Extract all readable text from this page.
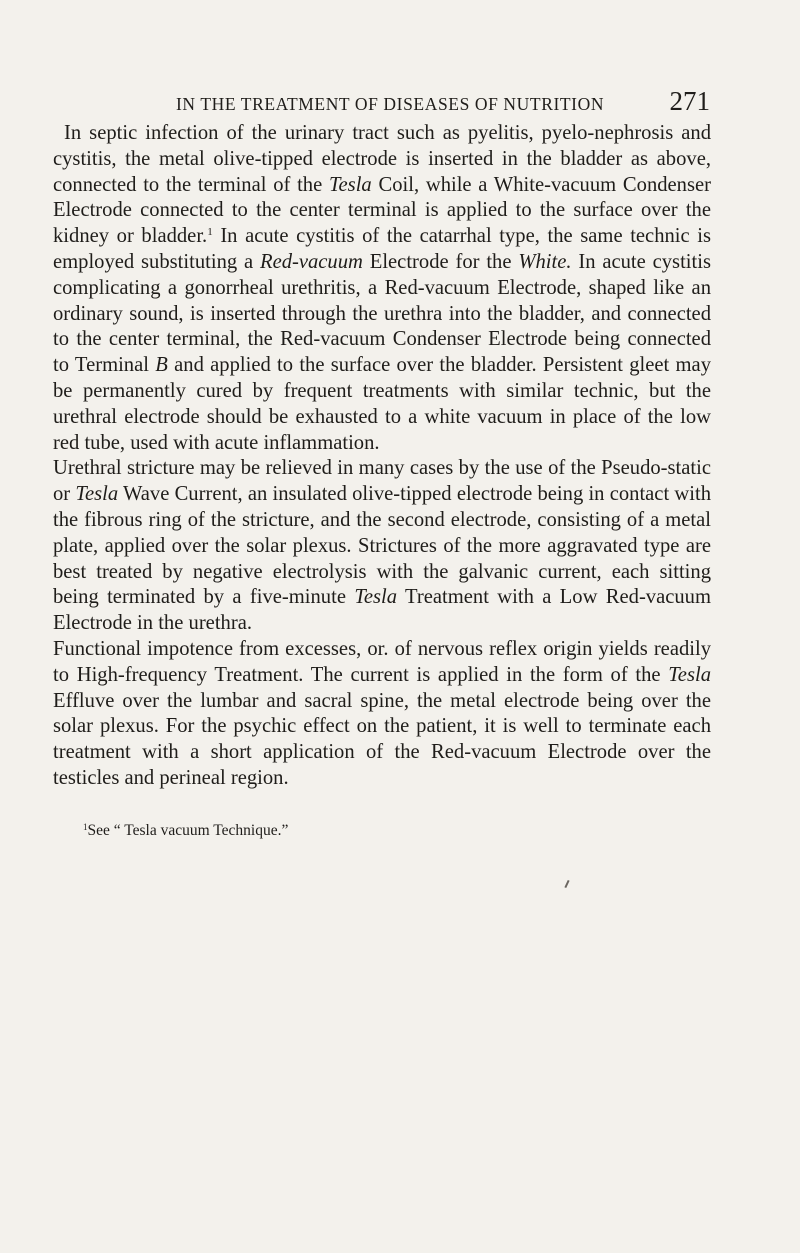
IN THE TREATMENT OF DISEASES OF NUTRITION 271

In septic infection of the urinary tract such as pyelitis, pyelo-nephrosis and cystitis, the metal olive-tipped electrode is inserted in the bladder as above, connected to the terminal of the Tesla Coil, while a White-vacuum Condenser Electrode connected to the center terminal is applied to the surface over the kidney or bladder.$^1$ In acute cystitis of the catarrhal type, the same technic is employed substituting a Red-vacuum Electrode for the White. In acute cystitis complicating a gonorrheal urethritis, a Red-vacuum Electrode, shaped like an ordinary sound, is inserted through the urethra into the bladder, and connected to the center terminal, the Red-vacuum Condenser Electrode being connected to Terminal B and applied to the surface over the bladder. Persistent gleet may be permanently cured by frequent treatments with similar technic, but the urethral electrode should be exhausted to a white vacuum in place of the low red tube, used with acute inflammation.

Urethral stricture may be relieved in many cases by the use of the Pseudo-static or Tesla Wave Current, an insulated olive-tipped electrode being in contact with the fibrous ring of the stricture, and the second electrode, consisting of a metal plate, applied over the solar plexus. Strictures of the more aggravated type are best treated by negative electrolysis with the galvanic current, each sitting being terminated by a five-minute Tesla Treatment with a Low Red-vacuum Electrode in the urethra.

Functional impotence from excesses, or. of nervous reflex origin yields readily to High-frequency Treatment. The current is applied in the form of the Tesla Effluve over the lumbar and sacral spine, the metal electrode being over the solar plexus. For the psychic effect on the patient, it is well to terminate each treatment with a short application of the Red-vacuum Electrode over the testicles and perineal region.

$^1$See “ Tesla vacuum Technique.”
